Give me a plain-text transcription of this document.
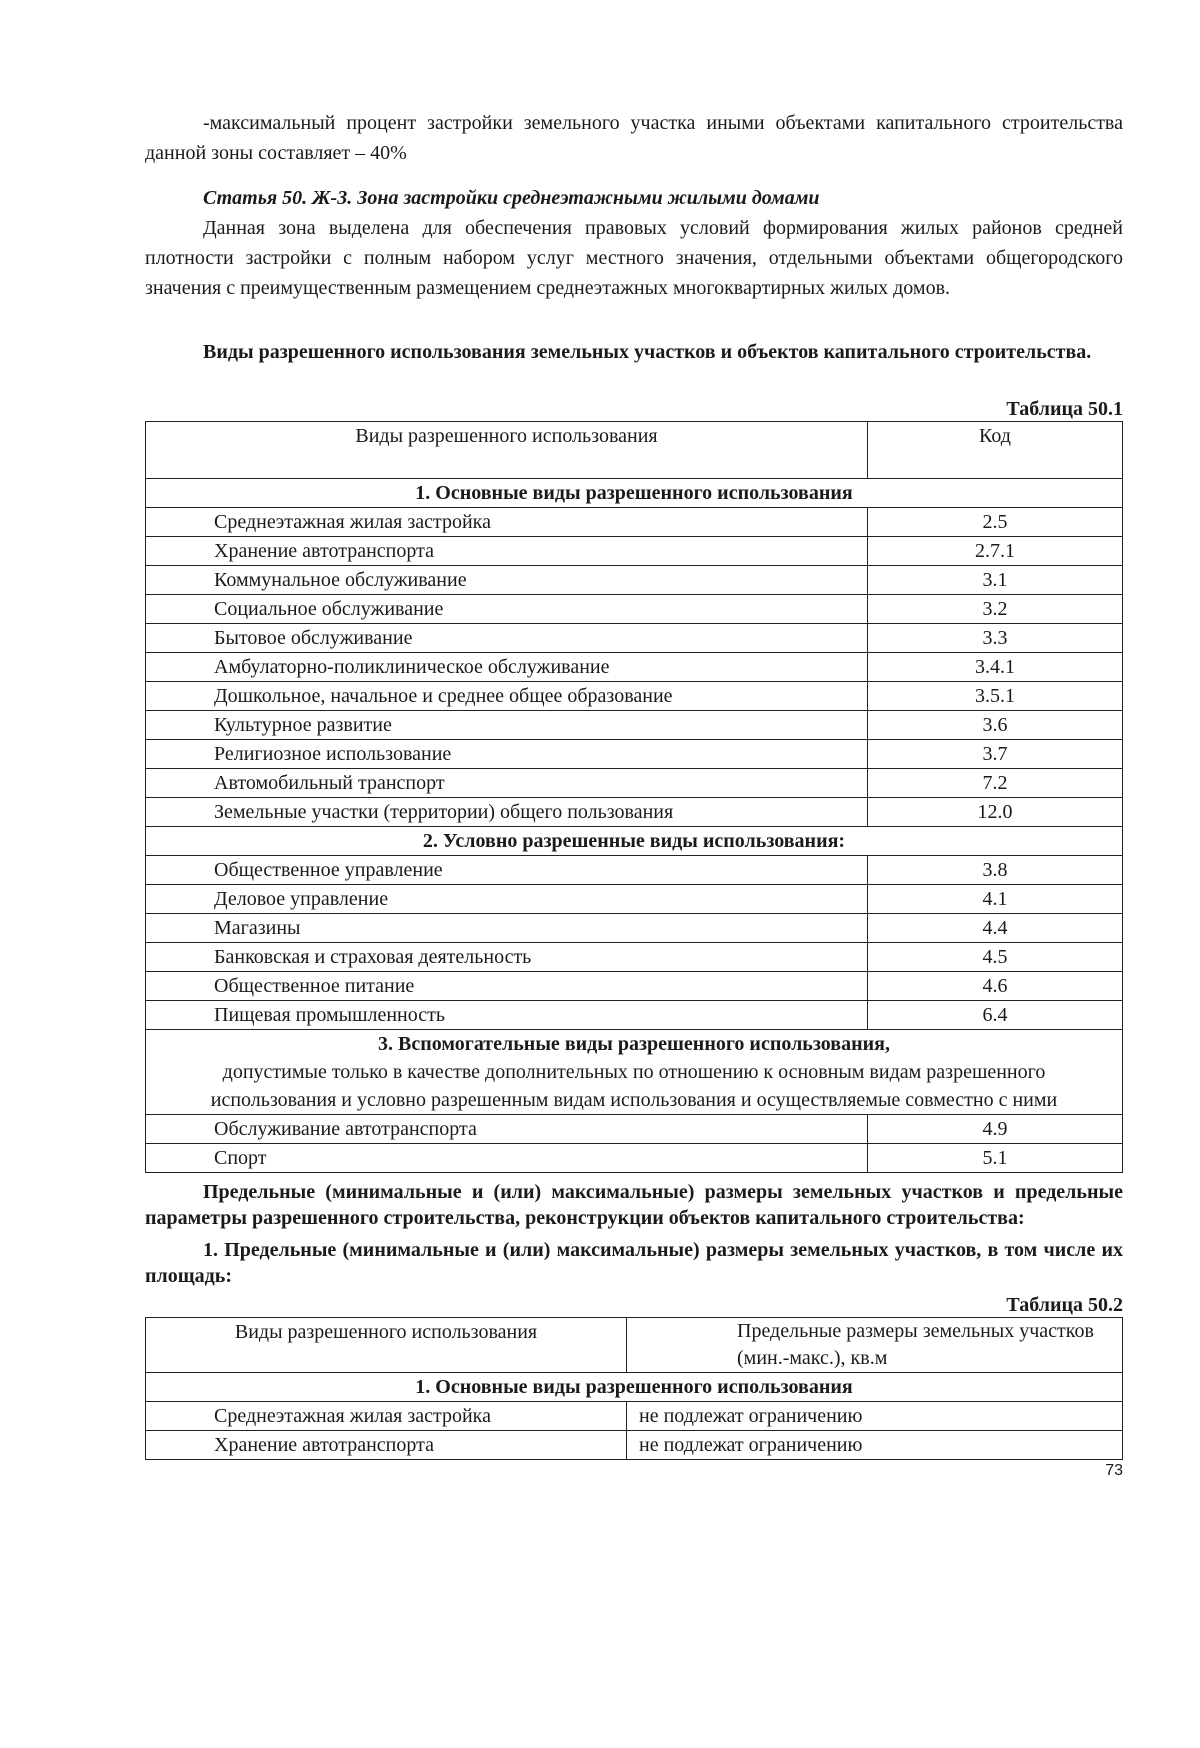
-максимальный процент застройки земельного участка иными объектами капитального строительства данной зоны составляет – 40%

Статья 50. Ж-3. Зона застройки среднеэтажными жилыми домами

Данная зона выделена для обеспечения правовых условий формирования жилых районов средней плотности застройки с полным набором услуг местного значения, отдельными объектами общегородского значения с преимущественным размещением среднеэтажных многоквартирных жилых домов.

Виды разрешенного использования земельных участков и объектов капитального строительства.

Таблица 50.1

Виды разрешенного использования	Код
1. Основные виды разрешенного использования	
Среднеэтажная жилая застройка	2.5
Хранение автотранспорта	2.7.1
Коммунальное обслуживание	3.1
Социальное обслуживание	3.2
Бытовое обслуживание	3.3
Амбулаторно-поликлиническое обслуживание	3.4.1
Дошкольное, начальное и среднее общее образование	3.5.1
Культурное развитие	3.6
Религиозное использование	3.7
Автомобильный транспорт	7.2
Земельные участки (территории) общего пользования	12.0
2. Условно разрешенные виды использования:	
Общественное управление	3.8
Деловое управление	4.1
Магазины	4.4
Банковская и страховая деятельность	4.5
Общественное питание	4.6
Пищевая промышленность	6.4

3. Вспомогательные виды разрешенного использования,
допустимые только в качестве дополнительных по отношению к основным видам разрешенного использования и условно разрешенным видам использования и осуществляемые совместно с ними	

Обслуживание автотранспорта	4.9
Спорт	5.1

Предельные (минимальные и (или) максимальные) размеры земельных участков и предельные параметры разрешенного строительства, реконструкции объектов капитального строительства:

1. Предельные (минимальные и (или) максимальные) размеры земельных участков, в том числе их площадь:

Таблица 50.2

Виды разрешенного использования	Предельные размеры земельных участков (мин.-макс.), кв.м
1. Основные виды разрешенного использования	
Среднеэтажная жилая застройка	не подлежат ограничению
Хранение автотранспорта	не подлежат ограничению
73
